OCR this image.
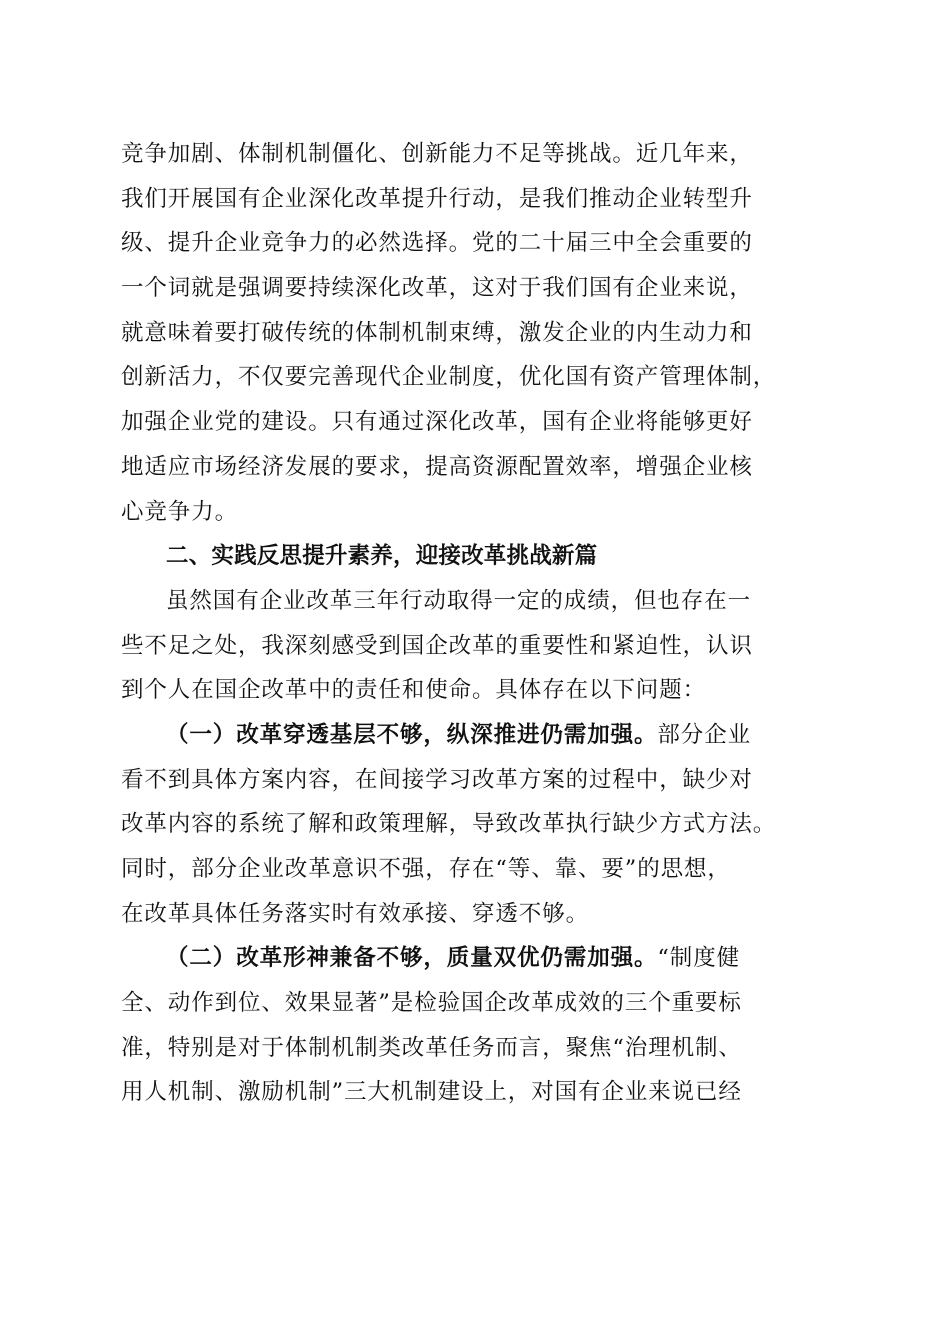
竞争加剧、体制机制僵化、创新能力不足等挑战。近几年来，
我们开展国有企业深化改革提升行动，是我们推动企业转型升
级、提升企业竞争力的必然选择。党的二十届三中全会重要的
一个词就是强调要持续深化改革，这对于我们国有企业来说，
就意味着要打破传统的体制机制束缚，激发企业的内生动力和
创新活力，不仅要完善现代企业制度，优化国有资产管理体制，
加强企业党的建设。只有通过深化改革，国有企业将能够更好
地适应市场经济发展的要求，提高资源配置效率，增强企业核
心竞争力。
二、实践反思提升素养，迎接改革挑战新篇
虽然国有企业改革三年行动取得一定的成绩，但也存在一
些不足之处，我深刻感受到国企改革的重要性和紧迫性，认识
到个人在国企改革中的责任和使命。具体存在以下问题：
（一）改革穿透基层不够，纵深推进仍需加强。 部分企业
看不到具体方案内容，在间接学习改革方案的过程中，缺少对
改革内容的系统了解和政策理解，导致改革执行缺少方式方法。
同时，部分企业改革意识不强，存在“等、靠、要”的思想，
在改革具体任务落实时有效承接、穿透不够。
（二）改革形神兼备不够，质量双优仍需加强。 “制度健
全、动作到位、效果显著”是检验国企改革成效的三个重要标
准，特别是对于体制机制类改革任务而言，聚焦“治理机制、
用人机制、激励机制”三大机制建设上，对国有企业来说已经
